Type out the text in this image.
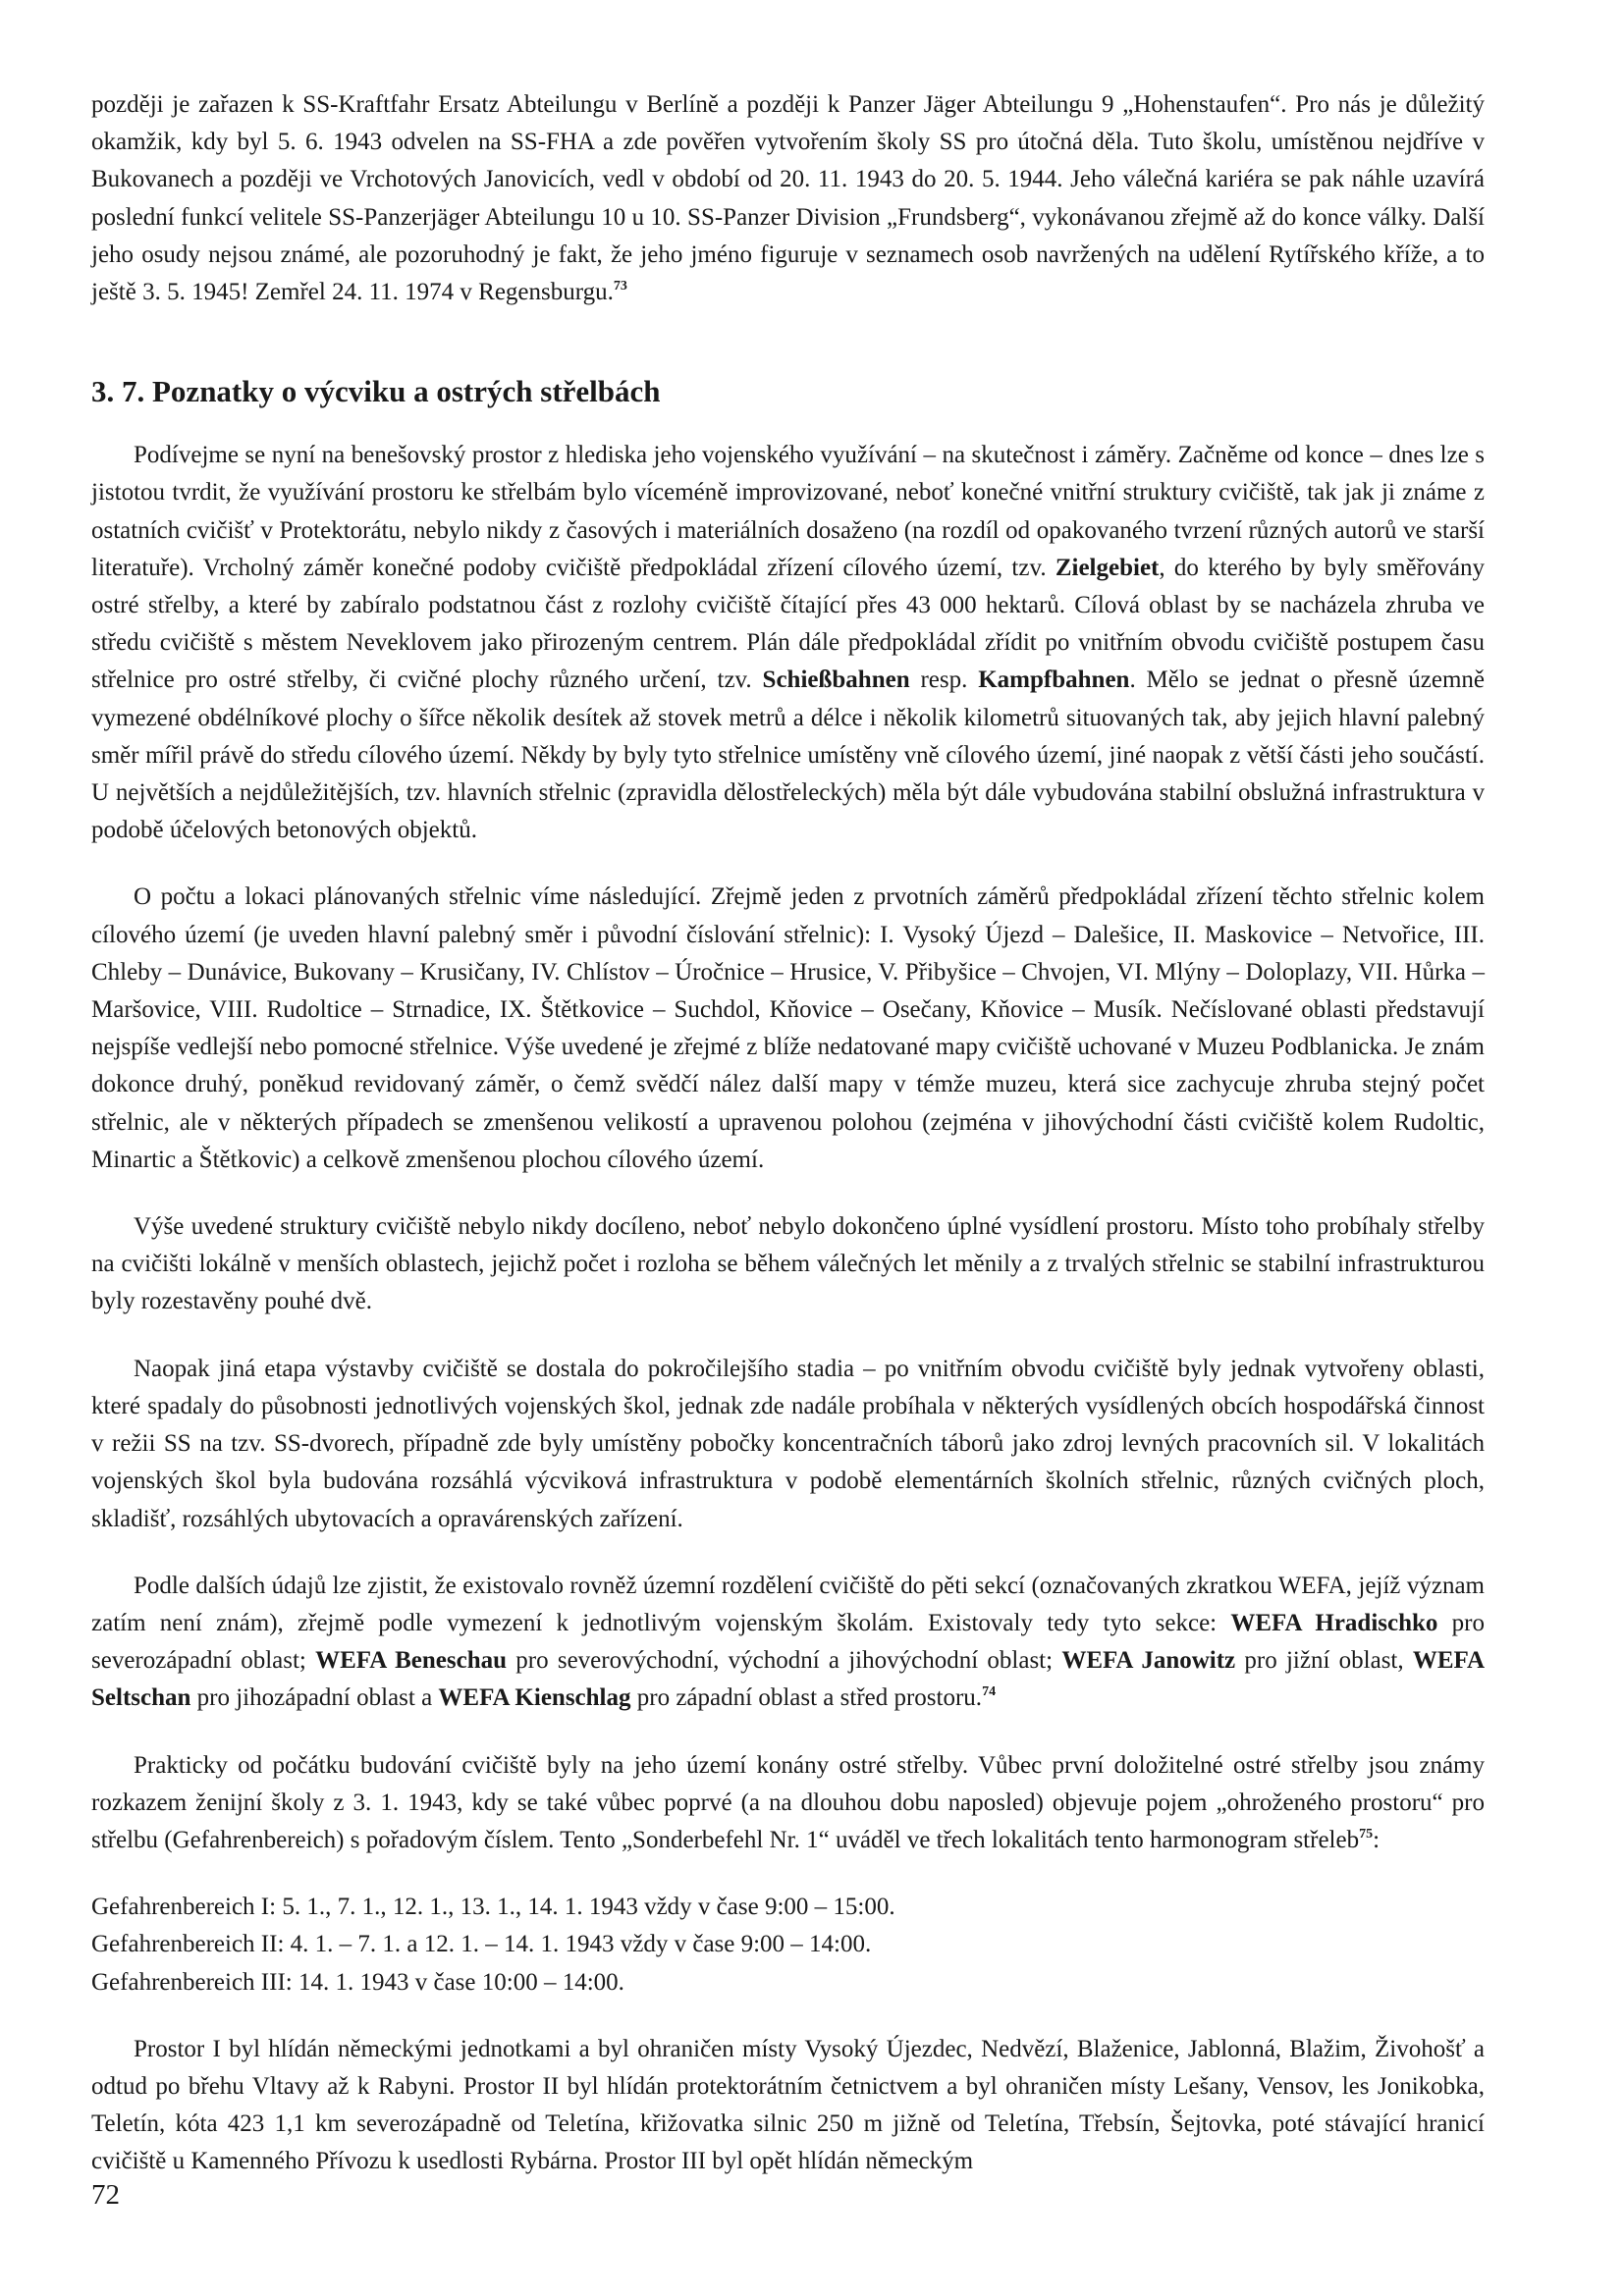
později je zařazen k SS-Kraftfahr Ersatz Abteilungu v Berlíně a později k Panzer Jäger Abteilungu 9 „Hohenstaufen“. Pro nás je důležitý okamžik, kdy byl 5. 6. 1943 odvelen na SS-FHA a zde pověřen vytvořením školy SS pro útočná děla. Tuto školu, umístěnou nejdříve v Bukovanech a později ve Vrchotových Janovicích, vedl v období od 20. 11. 1943 do 20. 5. 1944. Jeho válečná kariéra se pak náhle uzavírá poslední funkcí velitele SS-Panzerjäger Abteilungu 10 u 10. SS-Panzer Division „Frundsberg“, vykonávanou zřejmě až do konce války. Další jeho osudy nejsou známé, ale pozoruhodný je fakt, že jeho jméno figuruje v seznamech osob navržených na udělení Rytířského kříže, a to ještě 3. 5. 1945! Zemřel 24. 11. 1974 v Regensburgu.$^{73}$

3. 7. Poznatky o výcviku a ostrých střelbách

Podívejme se nyní na benešovský prostor z hlediska jeho vojenského využívání – na skutečnost i záměry. Začněme od konce – dnes lze s jistotou tvrdit, že využívání prostoru ke střelbám bylo víceméně improvizované, neboť konečné vnitřní struktury cvičiště, tak jak ji známe z ostatních cvičišť v Protektorátu, nebylo nikdy z časových i materiálních dosaženo (na rozdíl od opakovaného tvrzení různých autorů ve starší literatuře). Vrcholný záměr konečné podoby cvičiště předpokládal zřízení cílového území, tzv. Zielgebiet, do kterého by byly směřovány ostré střelby, a které by zabíralo podstatnou část z rozlohy cvičiště čítající přes 43 000 hektarů. Cílová oblast by se nacházela zhruba ve středu cvičiště s městem Neveklovem jako přirozeným centrem. Plán dále předpokládal zřídit po vnitřním obvodu cvičiště postupem času střelnice pro ostré střelby, či cvičné plochy různého určení, tzv. Schießbahnen resp. Kampfbahnen. Mělo se jednat o přesně územně vymezené obdélníkové plochy o šířce několik desítek až stovek metrů a délce i několik kilometrů situovaných tak, aby jejich hlavní palebný směr mířil právě do středu cílového území. Někdy by byly tyto střelnice umístěny vně cílového území, jiné naopak z větší části jeho součástí. U největších a nejdůležitějších, tzv. hlavních střelnic (zpravidla dělostřeleckých) měla být dále vybudována stabilní obslužná infrastruktura v podobě účelových betonových objektů.

O počtu a lokaci plánovaných střelnic víme následující. Zřejmě jeden z prvotních záměrů předpokládal zřízení těchto střelnic kolem cílového území (je uveden hlavní palebný směr i původní číslování střelnic): I. Vysoký Újezd – Dalešice, II. Maskovice – Netvořice, III. Chleby – Dunávice, Bukovany – Krusičany, IV. Chlístov – Úročnice – Hrusice, V. Přibyšice – Chvojen, VI. Mlýny – Doloplazy, VII. Hůrka – Maršovice, VIII. Rudoltice – Strnadice, IX. Štětkovice – Suchdol, Kňovice – Osečany, Kňovice – Musík. Nečíslované oblasti představují nejspíše vedlejší nebo pomocné střelnice. Výše uvedené je zřejmé z blíže nedatované mapy cvičiště uchované v Muzeu Podblanicka. Je znám dokonce druhý, poněkud revidovaný záměr, o čemž svědčí nález další mapy v témže muzeu, která sice zachycuje zhruba stejný počet střelnic, ale v některých případech se zmenšenou velikostí a upravenou polohou (zejména v jihovýchodní části cvičiště kolem Rudoltic, Minartic a Štětkovic) a celkově zmenšenou plochou cílového území.

Výše uvedené struktury cvičiště nebylo nikdy docíleno, neboť nebylo dokončeno úplné vysídlení prostoru. Místo toho probíhaly střelby na cvičišti lokálně v menších oblastech, jejichž počet i rozloha se během válečných let měnily a z trvalých střelnic se stabilní infrastrukturou byly rozestavěny pouhé dvě.

Naopak jiná etapa výstavby cvičiště se dostala do pokročilejšího stadia – po vnitřním obvodu cvičiště byly jednak vytvořeny oblasti, které spadaly do působnosti jednotlivých vojenských škol, jednak zde nadále probíhala v některých vysídlených obcích hospodářská činnost v režii SS na tzv. SS-dvorech, případně zde byly umístěny pobočky koncentračních táborů jako zdroj levných pracovních sil. V lokalitách vojenských škol byla budována rozsáhlá výcviková infrastruktura v podobě elementárních školních střelnic, různých cvičných ploch, skladišť, rozsáhlých ubytovacích a opravárenských zařízení.

Podle dalších údajů lze zjistit, že existovalo rovněž územní rozdělení cvičiště do pěti sekcí (označovaných zkratkou WEFA, jejíž význam zatím není znám), zřejmě podle vymezení k jednotlivým vojenským školám. Existovaly tedy tyto sekce: WEFA Hradischko pro severozápadní oblast; WEFA Beneschau pro severovýchodní, východní a jihovýchodní oblast; WEFA Janowitz pro jižní oblast, WEFA Seltschan pro jihozápadní oblast a WEFA Kienschlag pro západní oblast a střed prostoru.$^{74}$

Prakticky od počátku budování cvičiště byly na jeho území konány ostré střelby. Vůbec první doložitelné ostré střelby jsou známy rozkazem ženijní školy z 3. 1. 1943, kdy se také vůbec poprvé (a na dlouhou dobu naposled) objevuje pojem „ohroženého prostoru“ pro střelbu (Gefahrenbereich) s pořadovým číslem. Tento „Sonderbefehl Nr. 1“ uváděl ve třech lokalitách tento harmonogram střeleb$^{75}$:

Gefahrenbereich I: 5. 1., 7. 1., 12. 1., 13. 1., 14. 1. 1943 vždy v čase 9:00 – 15:00.

Gefahrenbereich II: 4. 1. – 7. 1. a 12. 1. – 14. 1. 1943 vždy v čase 9:00 – 14:00.

Gefahrenbereich III: 14. 1. 1943 v čase 10:00 – 14:00.

Prostor I byl hlídán německými jednotkami a byl ohraničen místy Vysoký Újezdec, Nedvězí, Blaženice, Jablonná, Blažim, Živohošť a odtud po břehu Vltavy až k Rabyni. Prostor II byl hlídán protektorátním četnictvem a byl ohraničen místy Lešany, Vensov, les Jonikobka, Teletín, kóta 423 1,1 km severozápadně od Teletína, křižovatka silnic 250 m jižně od Teletína, Třebsín, Šejtovka, poté stávající hranicí cvičiště u Kamenného Přívozu k usedlosti Rybárna. Prostor III byl opět hlídán německým

72
